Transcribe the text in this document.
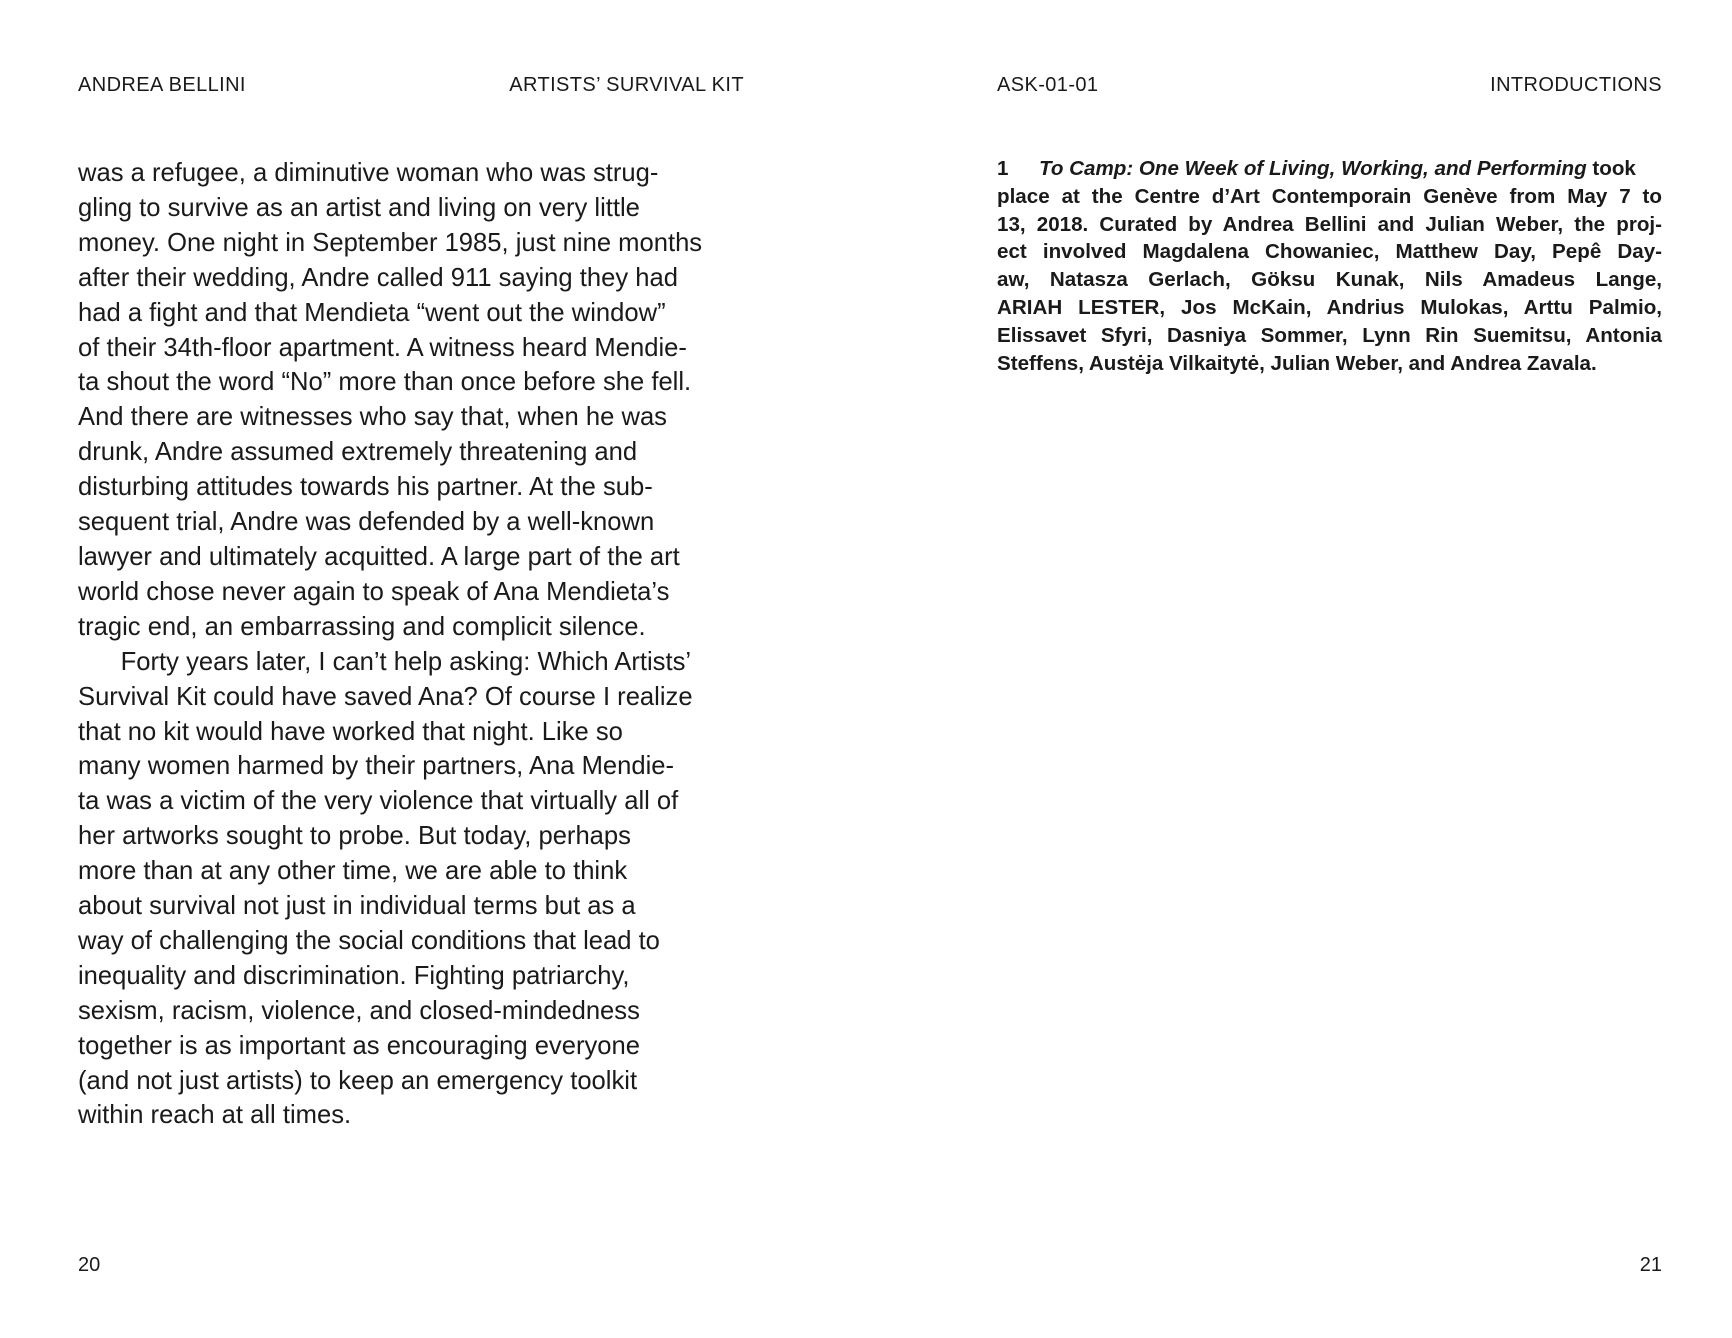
ANDREA BELLINI	ARTISTS’ SURVIVAL KIT
was a refugee, a diminutive woman who was strug-
gling to survive as an artist and living on very little
money. One night in September 1985, just nine months
after their wedding, Andre called 911 saying they had
had a fight and that Mendieta “went out the window”
of their 34th-floor apartment. A witness heard Mendie-
ta shout the word “No” more than once before she fell.
And there are witnesses who say that, when he was
drunk, Andre assumed extremely threatening and
disturbing attitudes towards his partner. At the sub-
sequent trial, Andre was defended by a well-known
lawyer and ultimately acquitted. A large part of the art
world chose never again to speak of Ana Mendieta’s
tragic end, an embarrassing and complicit silence.
Forty years later, I can’t help asking: Which Artists’
Survival Kit could have saved Ana? Of course I realize
that no kit would have worked that night. Like so
many women harmed by their partners, Ana Mendie-
ta was a victim of the very violence that virtually all of
her artworks sought to probe. But today, perhaps
more than at any other time, we are able to think
about survival not just in individual terms but as a
way of challenging the social conditions that lead to
inequality and discrimination. Fighting patriarchy,
sexism, racism, violence, and closed-mindedness
together is as important as encouraging everyone
(and not just artists) to keep an emergency toolkit
within reach at all times.
20
ASK-01-01	INTRODUCTIONS
1 To Camp: One Week of Living, Working, and Performing took
place at the Centre d’Art Contemporain Genève from May 7 to
13, 2018. Curated by Andrea Bellini and Julian Weber, the proj-
ect involved Magdalena Chowaniec, Matthew Day, Pepê Day-
aw, Natasza Gerlach, Göksu Kunak, Nils Amadeus Lange,
ARIAH LESTER, Jos McKain, Andrius Mulokas, Arttu Palmio,
Elissavet Sfyri, Dasniya Sommer, Lynn Rin Suemitsu, Antonia
Steffens, Austėja Vilkaitytė, Julian Weber, and Andrea Zavala.
21
